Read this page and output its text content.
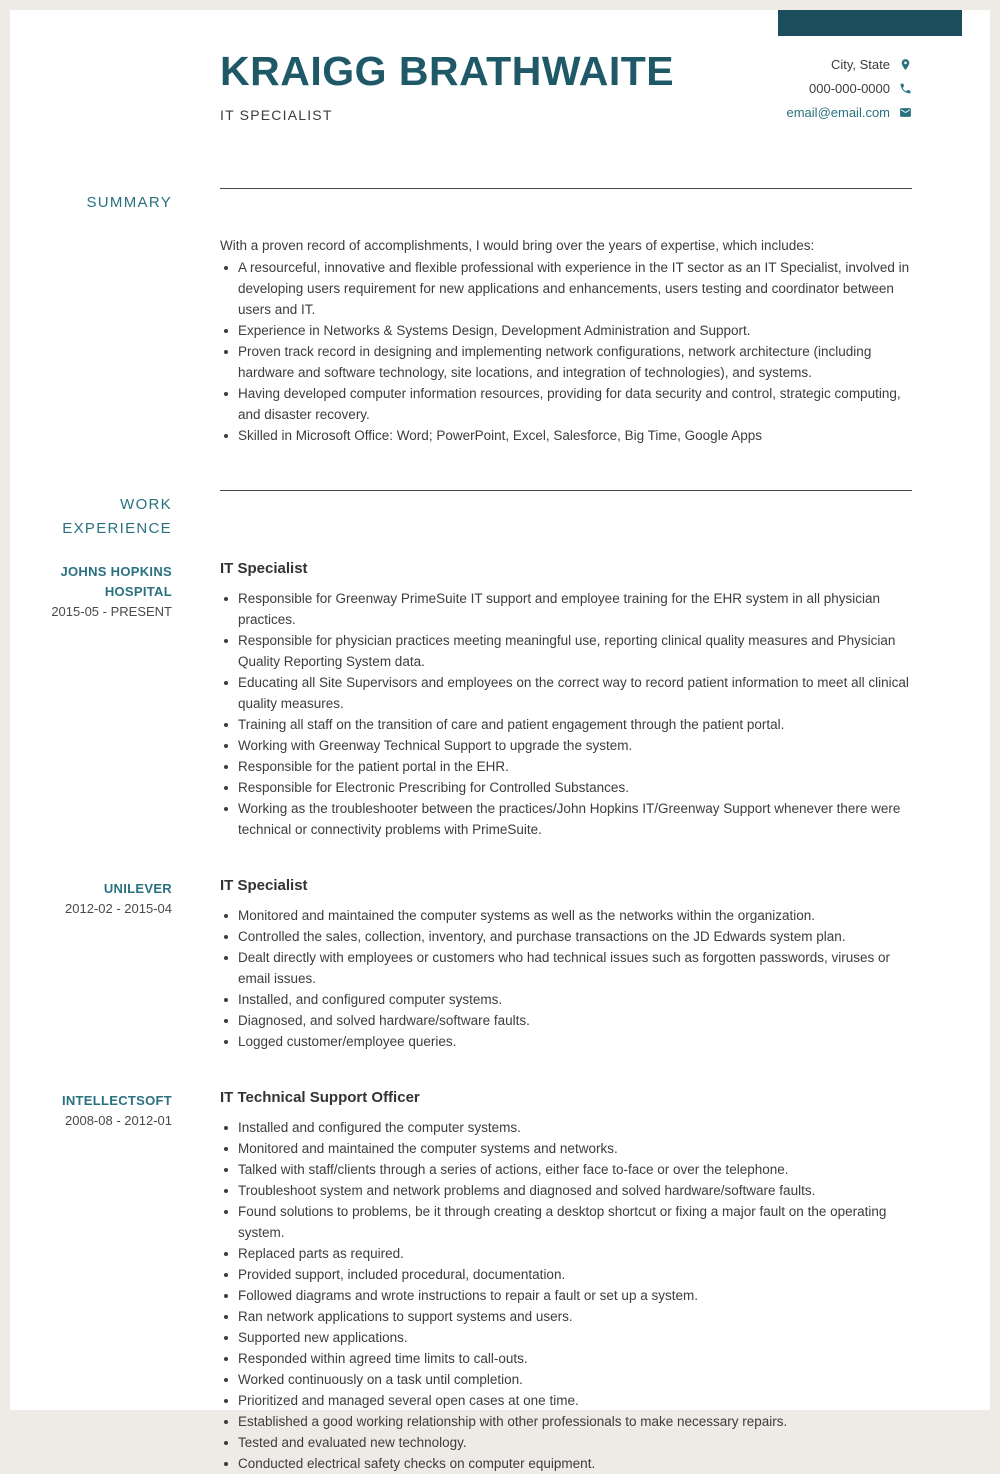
KRAIGG BRATHWAITE
IT SPECIALIST
City, State
000-000-0000
email@email.com
SUMMARY

With a proven record of accomplishments, I would bring over the years of expertise, which includes:

A resourceful, innovative and flexible professional with experience in the IT sector as an IT Specialist, involved in developing users requirement for new applications and enhancements, users testing and coordinator between users and IT.
Experience in Networks & Systems Design, Development Administration and Support.
Proven track record in designing and implementing network configurations, network architecture (including hardware and software technology, site locations, and integration of technologies), and systems.
Having developed computer information resources, providing for data security and control, strategic computing, and disaster recovery.
Skilled in Microsoft Office: Word; PowerPoint, Excel, Salesforce, Big Time, Google Apps
WORK EXPERIENCE
JOHNS HOPKINS
HOSPITAL
2015-05 - PRESENT
IT Specialist
Responsible for Greenway PrimeSuite IT support and employee training for the EHR system in all physician practices.
Responsible for physician practices meeting meaningful use, reporting clinical quality measures and Physician Quality Reporting System data.
Educating all Site Supervisors and employees on the correct way to record patient information to meet all clinical quality measures.
Training all staff on the transition of care and patient engagement through the patient portal.
Working with Greenway Technical Support to upgrade the system.
Responsible for the patient portal in the EHR.
Responsible for Electronic Prescribing for Controlled Substances.
Working as the troubleshooter between the practices/John Hopkins IT/Greenway Support whenever there were technical or connectivity problems with PrimeSuite.
UNILEVER
2012-02 - 2015-04
IT Specialist
Monitored and maintained the computer systems as well as the networks within the organization.
Controlled the sales, collection, inventory, and purchase transactions on the JD Edwards system plan.
Dealt directly with employees or customers who had technical issues such as forgotten passwords, viruses or email issues.
Installed, and configured computer systems.
Diagnosed, and solved hardware/software faults.
Logged customer/employee queries.
INTELLECTSOFT
2008-08 - 2012-01
IT Technical Support Officer
Installed and configured the computer systems.
Monitored and maintained the computer systems and networks.
Talked with staff/clients through a series of actions, either face to-face or over the telephone.
Troubleshoot system and network problems and diagnosed and solved hardware/software faults.
Found solutions to problems, be it through creating a desktop shortcut or fixing a major fault on the operating system.
Replaced parts as required.
Provided support, included procedural, documentation.
Followed diagrams and wrote instructions to repair a fault or set up a system.
Ran network applications to support systems and users.
Supported new applications.
Responded within agreed time limits to call-outs.
Worked continuously on a task until completion.
Prioritized and managed several open cases at one time.
Established a good working relationship with other professionals to make necessary repairs.
Tested and evaluated new technology.
Conducted electrical safety checks on computer equipment.
